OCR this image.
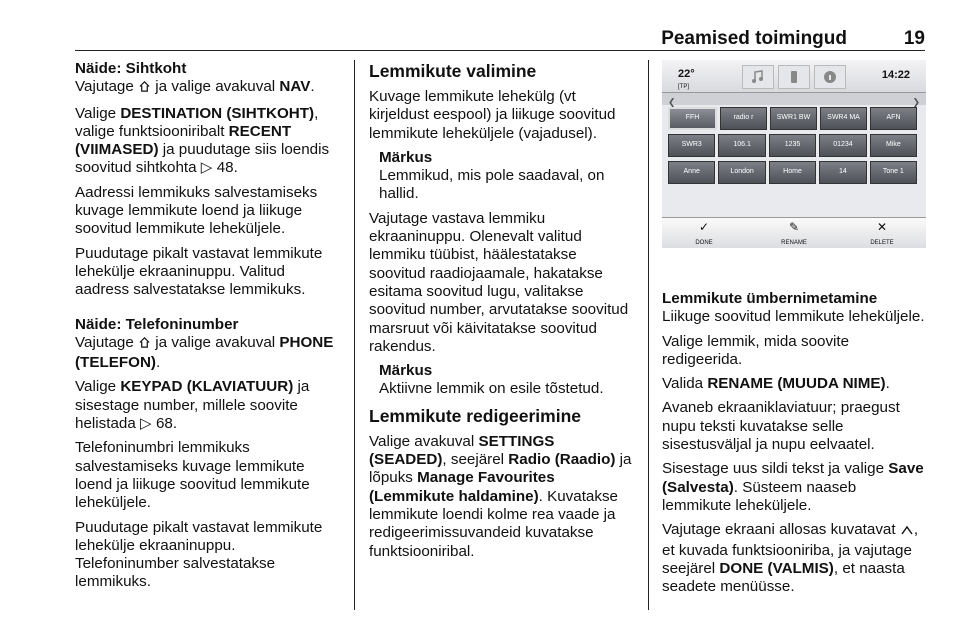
Peamised toimingud	19

Näide: Sihtkoht

Vajutage  ja valige avakuval NAV.

Valige DESTINATION (SIHTKOHT), valige funktsiooniribalt RECENT (VIIMASED) ja puudutage siis loendis soovitud sihtkohta ▷ 48.

Aadressi lemmikuks salvestamiseks kuvage lemmikute loend ja liikuge soovitud lemmikute leheküljele.

Puudutage pikalt vastavat lemmikute lehekülje ekraaninuppu. Valitud aadress salvestatakse lemmikuks.

Näide: Telefoninumber

Vajutage  ja valige avakuval PHONE (TELEFON).

Valige KEYPAD (KLAVIATUUR) ja sisestage number, millele soovite helistada ▷ 68.

Telefoninumbri lemmikuks salvestamiseks kuvage lemmikute loend ja liikuge soovitud lemmikute leheküljele.

Puudutage pikalt vastavat lemmikute lehekülje ekraaninuppu. Telefoninumber salvestatakse lemmikuks.

Lemmikute valimine

Kuvage lemmikute lehekülg (vt kirjeldust eespool) ja liikuge soovitud lemmikute leheküljele (vajadusel).

Märkus

Lemmikud, mis pole saadaval, on hallid.

Vajutage vastava lemmiku ekraaninuppu. Olenevalt valitud lemmiku tüübist, häälestatakse soovitud raadiojaamale, hakatakse esitama soovitud lugu, valitakse soovitud number, arvutatakse soovitud marsruut või käivitatakse soovitud rakendus.

Märkus

Aktiivne lemmik on esile tõstetud.

Lemmikute redigeerimine

Valige avakuval SETTINGS (SEADED), seejärel Radio (Raadio) ja lõpuks Manage Favourites (Lemmikute haldamine). Kuvatakse lemmikute loendi kolme rea vaade ja redigeerimissuvandeid kuvatakse funktsiooniribal.

22°
[TP]
14:22
❮	❯
FFH	radio r	SWR1 BW	SWR4 MA	AFN
SWR3	106.1	1235	01234	Mike
Anne	London	Home	14	Tone 1
✓
DONE
✎
RENAME
✕
DELETE

Lemmikute ümbernimetamine

Liikuge soovitud lemmikute leheküljele.

Valige lemmik, mida soovite redigeerida.

Valida RENAME (MUUDA NIME).

Avaneb ekraaniklaviatuur; praegust nupu teksti kuvatakse selle sisestusväljal ja nupu eelvaatel.

Sisestage uus sildi tekst ja valige Save (Salvesta). Süsteem naaseb lemmikute leheküljele.

Vajutage ekraani allosas kuvatavat , et kuvada funktsiooniriba, ja vajutage seejärel DONE (VALMIS), et naasta seadete menüüsse.
